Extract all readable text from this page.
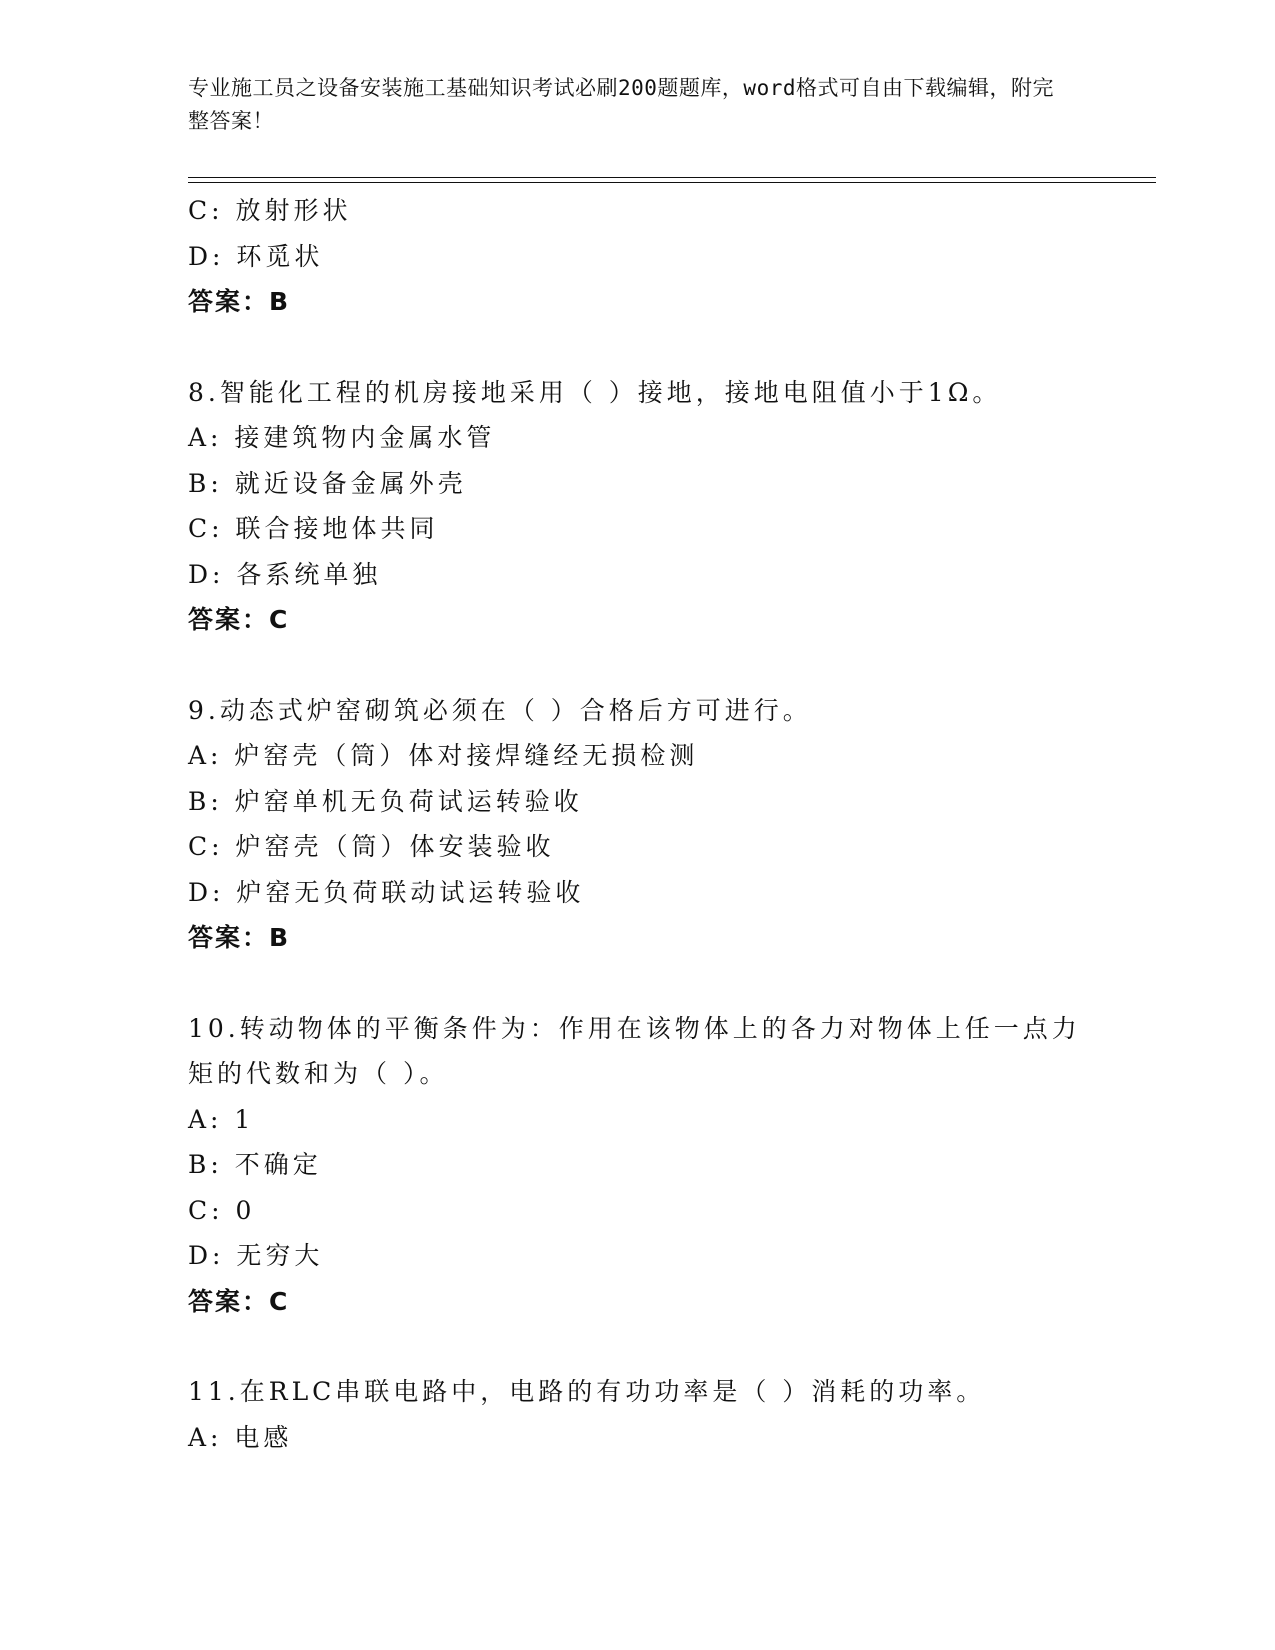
专业施工员之设备安装施工基础知识考试必刷200题题库，word格式可自由下载编辑，附完整答案！
C: 放射形状
D: 环觅状
答案：B
8.智能化工程的机房接地采用（ ）接地，接地电阻值小于1Ω。
A: 接建筑物内金属水管
B: 就近设备金属外壳
C: 联合接地体共同
D: 各系统单独
答案：C
9.动态式炉窑砌筑必须在（ ）合格后方可进行。
A: 炉窑壳（筒）体对接焊缝经无损检测
B: 炉窑单机无负荷试运转验收
C: 炉窑壳（筒）体安装验收
D: 炉窑无负荷联动试运转验收
答案：B
10.转动物体的平衡条件为：作用在该物体上的各力对物体上任一点力矩的代数和为（ ）。
A: 1
B: 不确定
C: 0
D: 无穷大
答案：C
11.在RLC串联电路中，电路的有功功率是（ ）消耗的功率。
A: 电感
